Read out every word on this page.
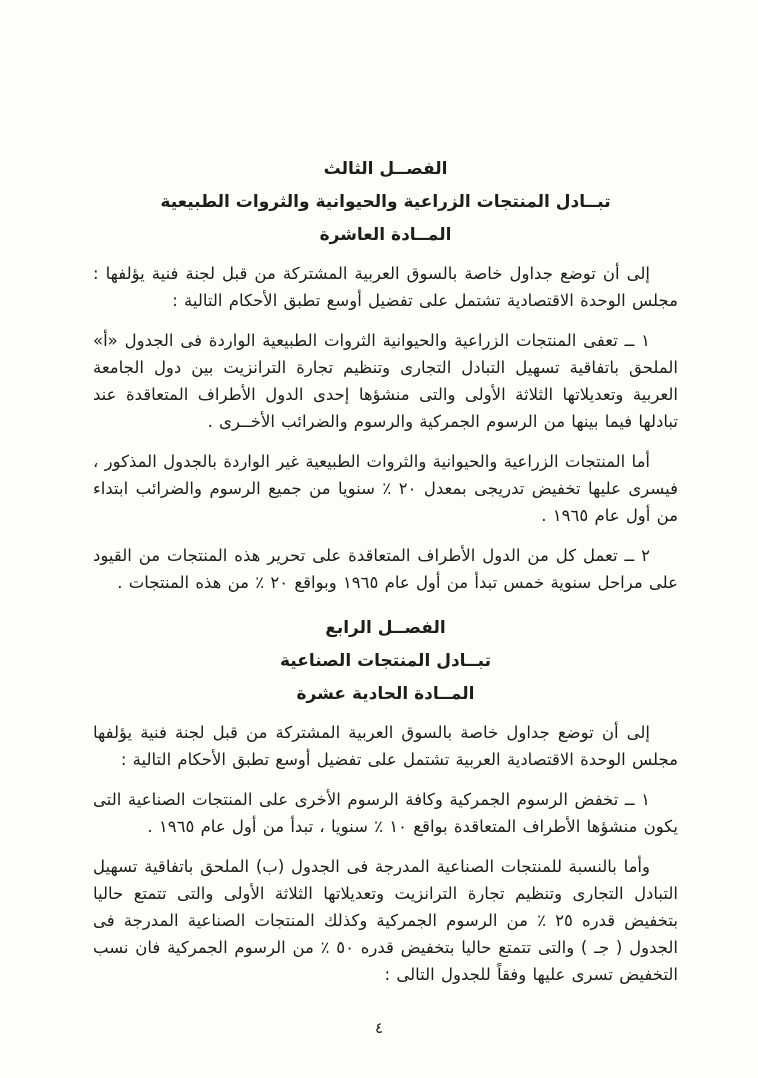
الفصــل الثالث
تبــادل المنتجات الزراعية والحيوانية والثروات الطبيعية
المــادة العاشرة

إلى أن توضع جداول خاصة بالسوق العربية المشتركة من قبل لجنة فنية يؤلفها : مجلس الوحدة الاقتصادية تشتمل على تفضيل أوسع تطبق الأحكام التالية :

١ ــ تعفى المنتجات الزراعية والحيوانية الثروات الطبيعية الواردة فى الجدول «أ» الملحق باتفاقية تسهيل التبادل التجارى وتنظيم تجارة الترانزيت بين دول الجامعة العربية وتعديلاتها الثلاثة الأولى والتى منشؤها إحدى الدول الأطراف المتعاقدة عند تبادلها فيما بينها من الرسوم الجمركية والرسوم والضرائب الأخــرى .

أما المنتجات الزراعية والحيوانية والثروات الطبيعية غير الواردة بالجدول المذكور ، فيسرى عليها تخفيض تدريجى بمعدل ٢٠ ٪ سنويا من جميع الرسوم والضرائب ابتداء من أول عام ١٩٦٥ .

٢ ــ تعمل كل من الدول الأطراف المتعاقدة على تحرير هذه المنتجات من القيود على مراحل سنوية خمس تبدأ من أول عام ١٩٦٥ وبواقع ٢٠ ٪ من هذه المنتجات .

الفصــل الرابع
تبــادل المنتجات الصناعية
المــادة الحادية عشرة

إلى أن توضع جداول خاصة بالسوق العربية المشتركة من قبل لجنة فنية يؤلفها مجلس الوحدة الاقتصادية العربية تشتمل على تفضيل أوسع تطبق الأحكام التالية :

١ ــ تخفض الرسوم الجمركية وكافة الرسوم الأخرى على المنتجات الصناعية التى يكون منشؤها الأطراف المتعاقدة بواقع ١٠ ٪ سنويا ، تبدأ من أول عام ١٩٦٥ .

وأما بالنسبة للمنتجات الصناعية المدرجة فى الجدول (ب) الملحق باتفاقية تسهيل التبادل التجارى وتنظيم تجارة الترانزيت وتعديلاتها الثلاثة الأولى والتى تتمتع حاليا بتخفيض قدره ٢٥ ٪ من الرسوم الجمركية وكذلك المنتجات الصناعية المدرجة فى الجدول ( جـ ) والتى تتمتع حاليا بتخفيض قدره ٥٠ ٪ من الرسوم الجمركية فان نسب التخفيض تسرى عليها وفقاً للجدول التالى :

٤
